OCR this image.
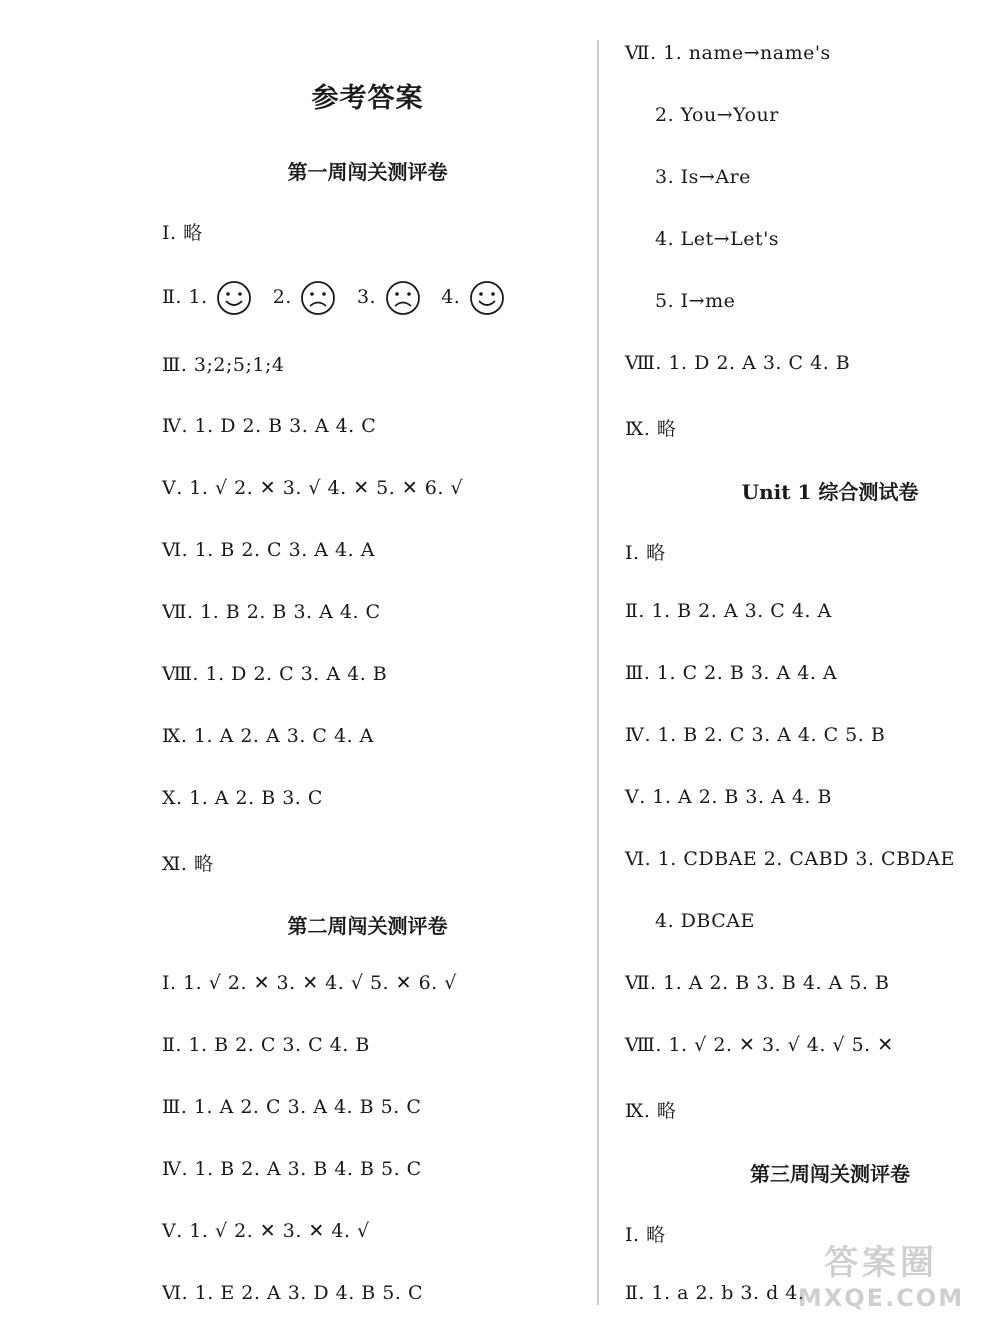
参考答案
第一周闯关测评卷
Ⅰ. 略
Ⅱ. 1.	2.	3.	4.
Ⅲ. 3;2;5;1;4
Ⅳ. 1. D 2. B 3. A 4. C
Ⅴ. 1. √ 2. ✕ 3. √ 4. ✕ 5. ✕ 6. √
Ⅵ. 1. B 2. C 3. A 4. A
Ⅶ. 1. B 2. B 3. A 4. C
Ⅷ. 1. D 2. C 3. A 4. B
Ⅸ. 1. A 2. A 3. C 4. A
Ⅹ. 1. A 2. B 3. C
Ⅺ. 略
第二周闯关测评卷
Ⅰ. 1. √ 2. ✕ 3. ✕ 4. √ 5. ✕ 6. √
Ⅱ. 1. B 2. C 3. C 4. B
Ⅲ. 1. A 2. C 3. A 4. B 5. C
Ⅳ. 1. B 2. A 3. B 4. B 5. C
Ⅴ. 1. √ 2. ✕ 3. ✕ 4. √
Ⅵ. 1. E 2. A 3. D 4. B 5. C
Ⅶ. 1. name→name's
2. You→Your
3. Is→Are
4. Let→Let's
5. I→me
Ⅷ. 1. D 2. A 3. C 4. B
Ⅸ. 略
Unit 1 综合测试卷
Ⅰ. 略
Ⅱ. 1. B 2. A 3. C 4. A
Ⅲ. 1. C 2. B 3. A 4. A
Ⅳ. 1. B 2. C 3. A 4. C 5. B
Ⅴ. 1. A 2. B 3. A 4. B
Ⅵ. 1. CDBAE 2. CABD 3. CBDAE
4. DBCAE
Ⅶ. 1. A 2. B 3. B 4. A 5. B
Ⅷ. 1. √ 2. ✕ 3. √ 4. √ 5. ✕
Ⅸ. 略
第三周闯关测评卷
Ⅰ. 略
Ⅱ. 1. a 2. b 3. d 4.
答案圈
MXQE.COM
